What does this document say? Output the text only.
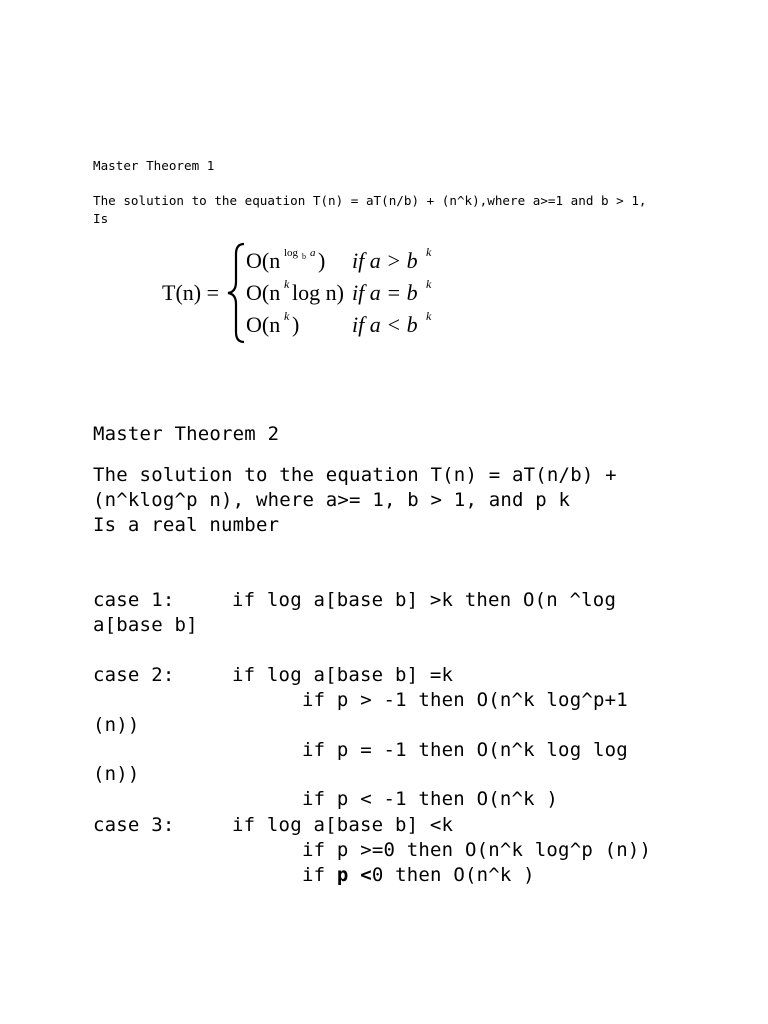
Master Theorem 1
The solution to the equation T(n) = aT(n/b) + (n^k),where a>=1 and b > 1,
Is
T(n) =
O(n log b a ) if a > b k
O(n k log n) if a = b k
O(n k ) if a < b k
Master Theorem 2
The solution to the equation T(n) = aT(n/b) +
(n^klog^p n), where a>= 1, b > 1, and p k
Is a real number
case 1:	if log a[base b] >k then O(n ^log
a[base b]
case 2:	if log a[base b] =k
if p > -1 then O(n^k log^p+1
(n))
if p = -1 then O(n^k log log
(n))
if p < -1 then O(n^k )
case 3:	if log a[base b] <k
if p >=0 then O(n^k log^p (n))
if p <0 then O(n^k )
